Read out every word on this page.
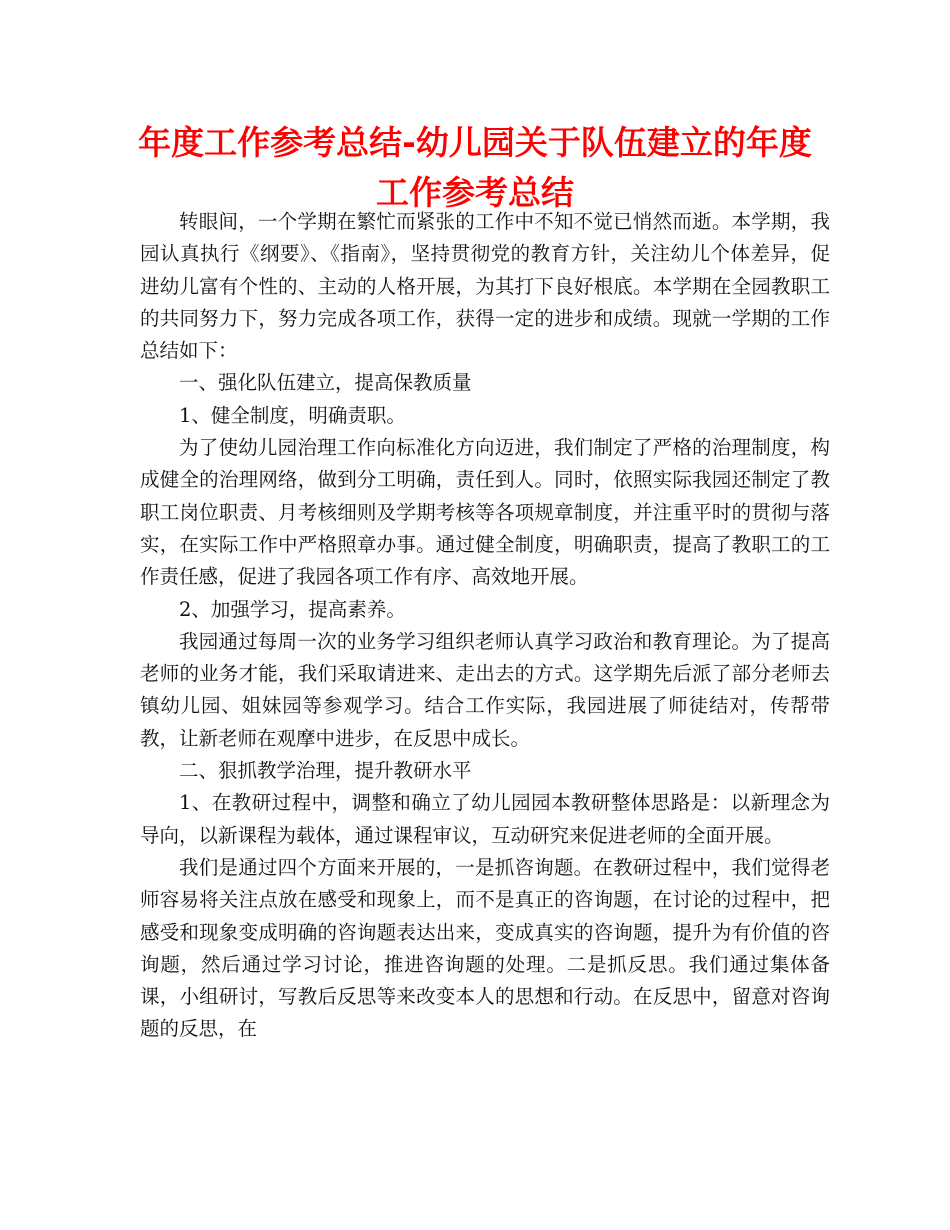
年度工作参考总结-幼儿园关于队伍建立的年度工作参考总结

转眼间，一个学期在繁忙而紧张的工作中不知不觉已悄然而逝。本学期，我园认真执行《纲要》、《指南》，坚持贯彻党的教育方针，关注幼儿个体差异，促进幼儿富有个性的、主动的人格开展，为其打下良好根底。本学期在全园教职工的共同努力下，努力完成各项工作，获得一定的进步和成绩。现就一学期的工作总结如下：

一、强化队伍建立，提高保教质量

1、健全制度，明确责职。

为了使幼儿园治理工作向标准化方向迈进，我们制定了严格的治理制度，构成健全的治理网络，做到分工明确，责任到人。同时，依照实际我园还制定了教职工岗位职责、月考核细则及学期考核等各项规章制度，并注重平时的贯彻与落实，在实际工作中严格照章办事。通过健全制度，明确职责，提高了教职工的工作责任感，促进了我园各项工作有序、高效地开展。

2、加强学习，提高素养。

我园通过每周一次的业务学习组织老师认真学习政治和教育理论。为了提高老师的业务才能，我们采取请进来、走出去的方式。这学期先后派了部分老师去镇幼儿园、姐妹园等参观学习。结合工作实际，我园进展了师徒结对，传帮带教，让新老师在观摩中进步，在反思中成长。

二、狠抓教学治理，提升教研水平

1、在教研过程中，调整和确立了幼儿园园本教研整体思路是：以新理念为导向，以新课程为载体，通过课程审议，互动研究来促进老师的全面开展。

我们是通过四个方面来开展的，一是抓咨询题。在教研过程中，我们觉得老师容易将关注点放在感受和现象上，而不是真正的咨询题，在讨论的过程中，把感受和现象变成明确的咨询题表达出来，变成真实的咨询题，提升为有价值的咨询题，然后通过学习讨论，推进咨询题的处理。二是抓反思。我们通过集体备课，小组研讨，写教后反思等来改变本人的思想和行动。在反思中，留意对咨询题的反思，在
